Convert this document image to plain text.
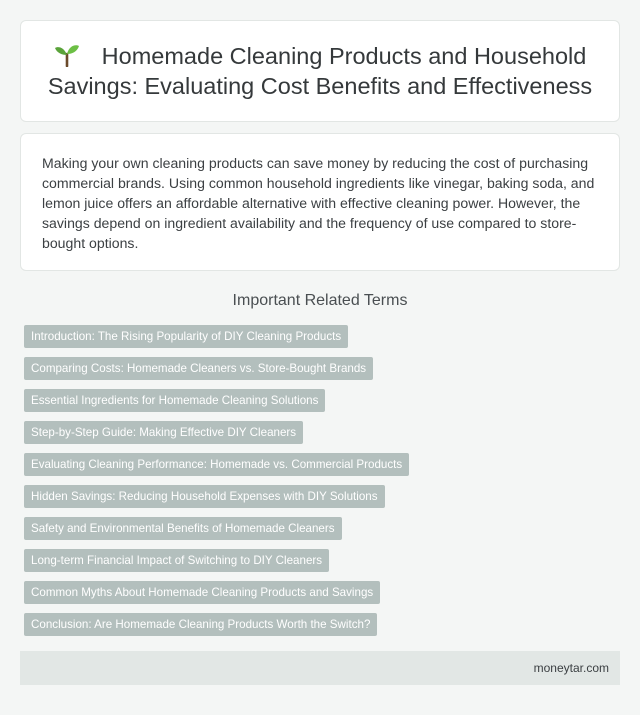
Homemade Cleaning Products and Household Savings: Evaluating Cost Benefits and Effectiveness

Making your own cleaning products can save money by reducing the cost of purchasing commercial brands. Using common household ingredients like vinegar, baking soda, and lemon juice offers an affordable alternative with effective cleaning power. However, the savings depend on ingredient availability and the frequency of use compared to store-bought options.

Important Related Terms
Introduction: The Rising Popularity of DIY Cleaning Products
Comparing Costs: Homemade Cleaners vs. Store-Bought Brands
Essential Ingredients for Homemade Cleaning Solutions
Step-by-Step Guide: Making Effective DIY Cleaners
Evaluating Cleaning Performance: Homemade vs. Commercial Products
Hidden Savings: Reducing Household Expenses with DIY Solutions
Safety and Environmental Benefits of Homemade Cleaners
Long-term Financial Impact of Switching to DIY Cleaners
Common Myths About Homemade Cleaning Products and Savings
Conclusion: Are Homemade Cleaning Products Worth the Switch?
moneytar.com
